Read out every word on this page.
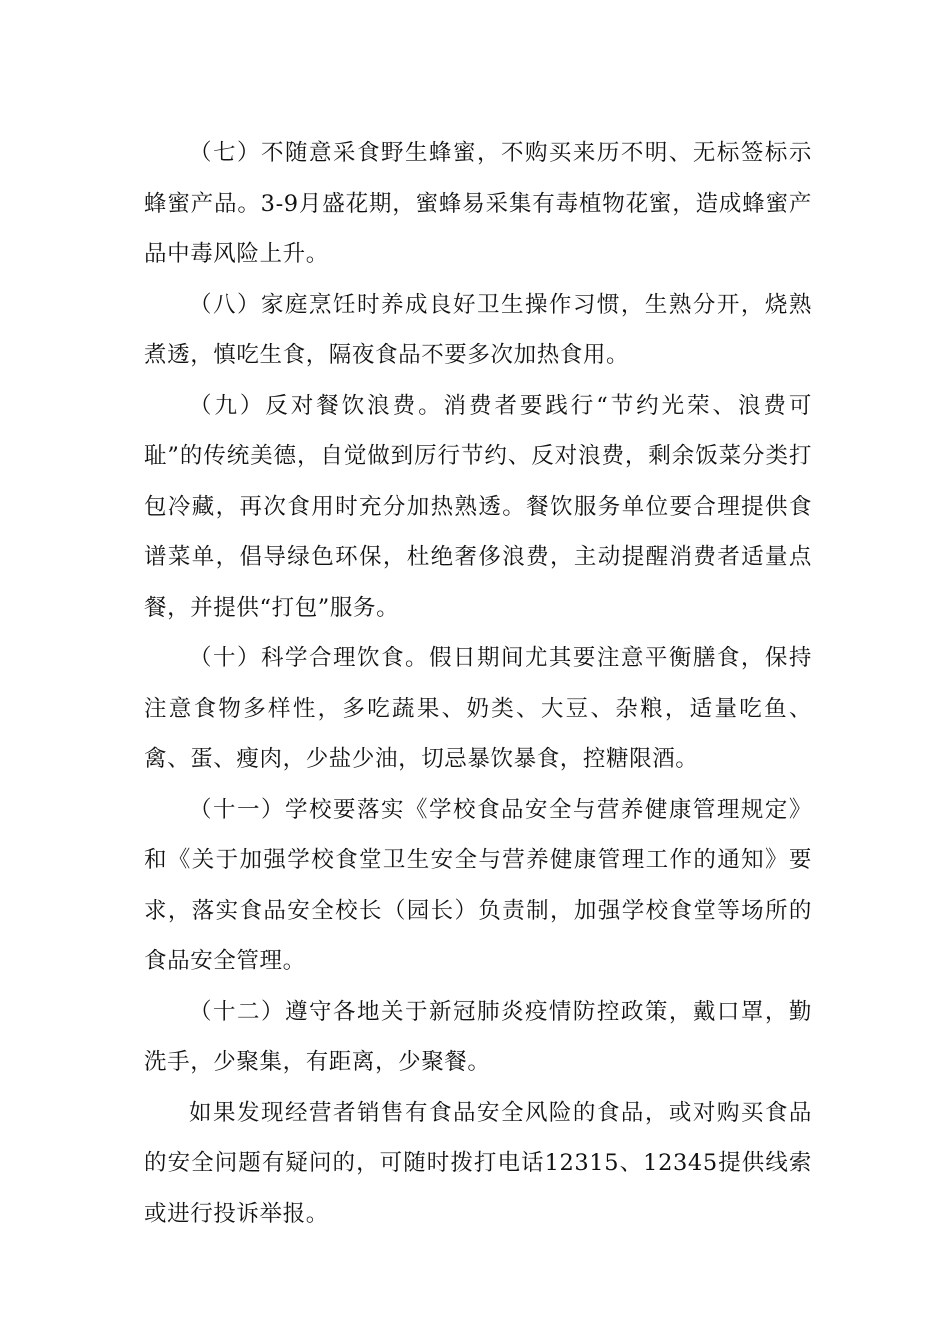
（七）不随意采食野生蜂蜜，不购买来历不明、无标签标示蜂蜜产品。3-9月盛花期，蜜蜂易采集有毒植物花蜜，造成蜂蜜产品中毒风险上升。

（八）家庭烹饪时养成良好卫生操作习惯，生熟分开，烧熟煮透，慎吃生食，隔夜食品不要多次加热食用。

（九）反对餐饮浪费。消费者要践行“节约光荣、浪费可耻”的传统美德，自觉做到厉行节约、反对浪费，剩余饭菜分类打包冷藏，再次食用时充分加热熟透。餐饮服务单位要合理提供食谱菜单，倡导绿色环保，杜绝奢侈浪费，主动提醒消费者适量点餐，并提供“打包”服务。

（十）科学合理饮食。假日期间尤其要注意平衡膳食，保持注意食物多样性，多吃蔬果、奶类、大豆、杂粮，适量吃鱼、禽、蛋、瘦肉，少盐少油，切忌暴饮暴食，控糖限酒。

（十一）学校要落实《学校食品安全与营养健康管理规定》和《关于加强学校食堂卫生安全与营养健康管理工作的通知》要求，落实食品安全校长（园长）负责制，加强学校食堂等场所的食品安全管理。

（十二）遵守各地关于新冠肺炎疫情防控政策，戴口罩，勤洗手，少聚集，有距离，少聚餐。

如果发现经营者销售有食品安全风险的食品，或对购买食品的安全问题有疑问的，可随时拨打电话12315、12345提供线索或进行投诉举报。
